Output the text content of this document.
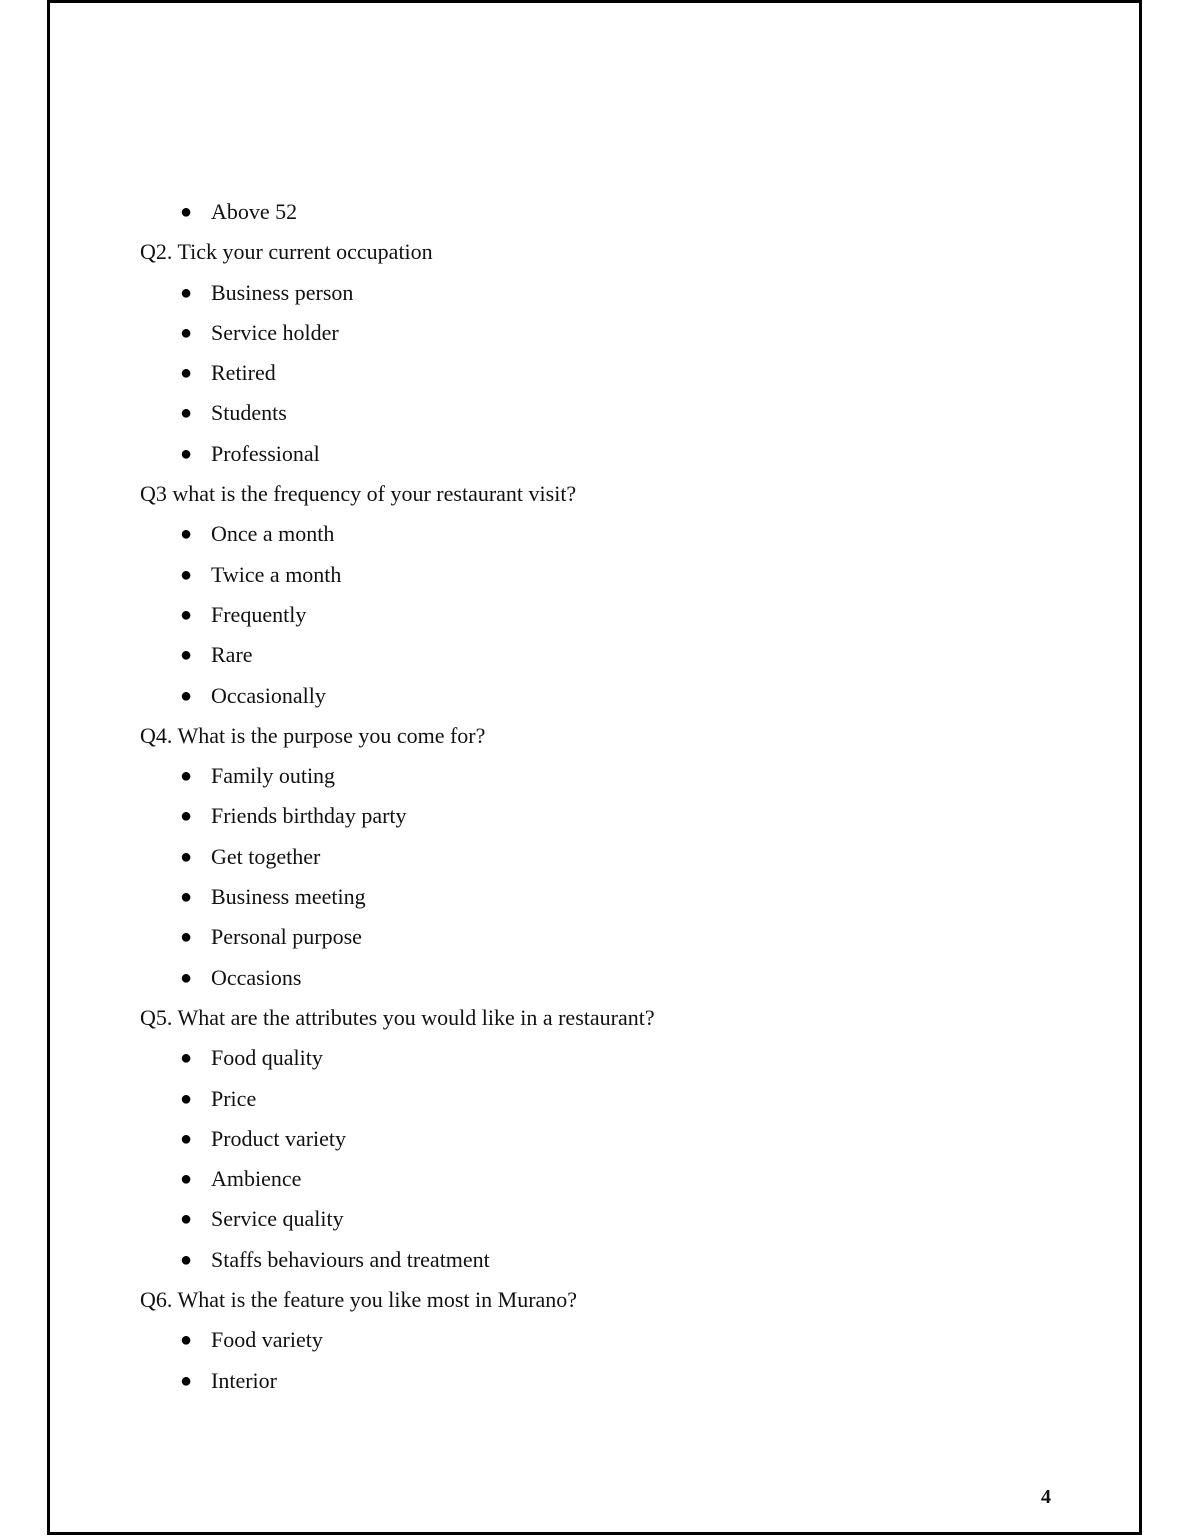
● Above 52

Q2. Tick your current occupation

● Business person
● Service holder
● Retired
● Students
● Professional

Q3 what is the frequency of your restaurant visit?

● Once a month
● Twice a month
● Frequently
● Rare
● Occasionally

Q4. What is the purpose you come for?

● Family outing
● Friends birthday party
● Get together
● Business meeting
● Personal purpose
● Occasions

Q5. What are the attributes you would like in a restaurant?

● Food quality
● Price
● Product variety
● Ambience
● Service quality
● Staffs behaviours and treatment

Q6. What is the feature you like most in Murano?

● Food variety
● Interior
4
